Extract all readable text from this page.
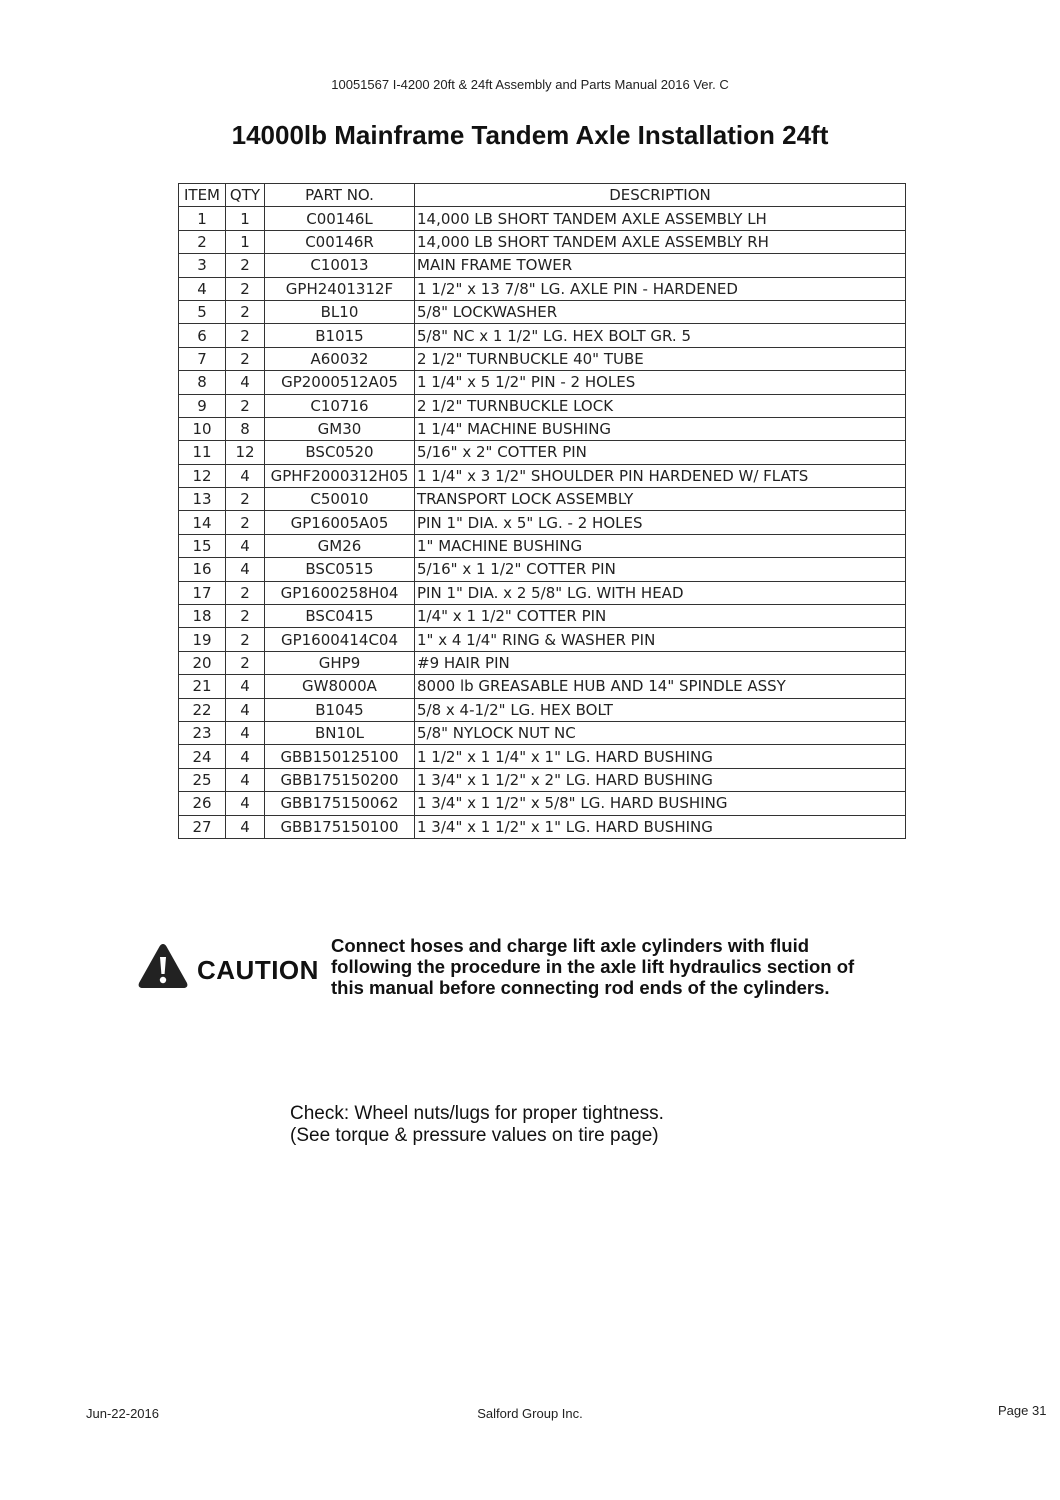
10051567 I-4200 20ft & 24ft Assembly and Parts Manual 2016 Ver. C
14000lb Mainframe Tandem Axle Installation 24ft
ITEM	QTY	PART NO.	DESCRIPTION
1	1	C00146L	14,000 LB SHORT TANDEM AXLE ASSEMBLY LH
2	1	C00146R	14,000 LB SHORT TANDEM AXLE ASSEMBLY RH
3	2	C10013	MAIN FRAME TOWER
4	2	GPH2401312F	1 1/2" x 13 7/8" LG. AXLE PIN - HARDENED
5	2	BL10	5/8" LOCKWASHER
6	2	B1015	5/8" NC x 1 1/2" LG. HEX BOLT GR. 5
7	2	A60032	2 1/2" TURNBUCKLE 40" TUBE
8	4	GP2000512A05	1 1/4" x 5 1/2" PIN - 2 HOLES
9	2	C10716	2 1/2" TURNBUCKLE LOCK
10	8	GM30	1 1/4" MACHINE BUSHING
11	12	BSC0520	5/16" x 2" COTTER PIN
12	4	GPHF2000312H05	1 1/4" x 3 1/2" SHOULDER PIN HARDENED W/ FLATS
13	2	C50010	TRANSPORT LOCK ASSEMBLY
14	2	GP16005A05	PIN 1" DIA. x 5" LG. - 2 HOLES
15	4	GM26	1" MACHINE BUSHING
16	4	BSC0515	5/16" x 1 1/2" COTTER PIN
17	2	GP1600258H04	PIN 1" DIA. x 2 5/8" LG. WITH HEAD
18	2	BSC0415	1/4" x 1 1/2" COTTER PIN
19	2	GP1600414C04	1" x 4 1/4" RING & WASHER PIN
20	2	GHP9	#9 HAIR PIN
21	4	GW8000A	8000 lb GREASABLE HUB AND 14" SPINDLE ASSY
22	4	B1045	5/8 x 4-1/2" LG. HEX BOLT
23	4	BN10L	5/8" NYLOCK NUT NC
24	4	GBB150125100	1 1/2" x 1 1/4" x 1" LG. HARD BUSHING
25	4	GBB175150200	1 3/4" x 1 1/2" x 2" LG. HARD BUSHING
26	4	GBB175150062	1 3/4" x 1 1/2" x 5/8" LG. HARD BUSHING
27	4	GBB175150100	1 3/4" x 1 1/2" x 1" LG. HARD BUSHING
CAUTION
Connect hoses and charge lift axle cylinders with fluid
following the procedure in the axle lift hydraulics section of
this manual before connecting rod ends of the cylinders.
Check: Wheel nuts/lugs for proper tightness.
(See torque & pressure values on tire page)
Jun-22-2016	Salford Group Inc.	Page 31
